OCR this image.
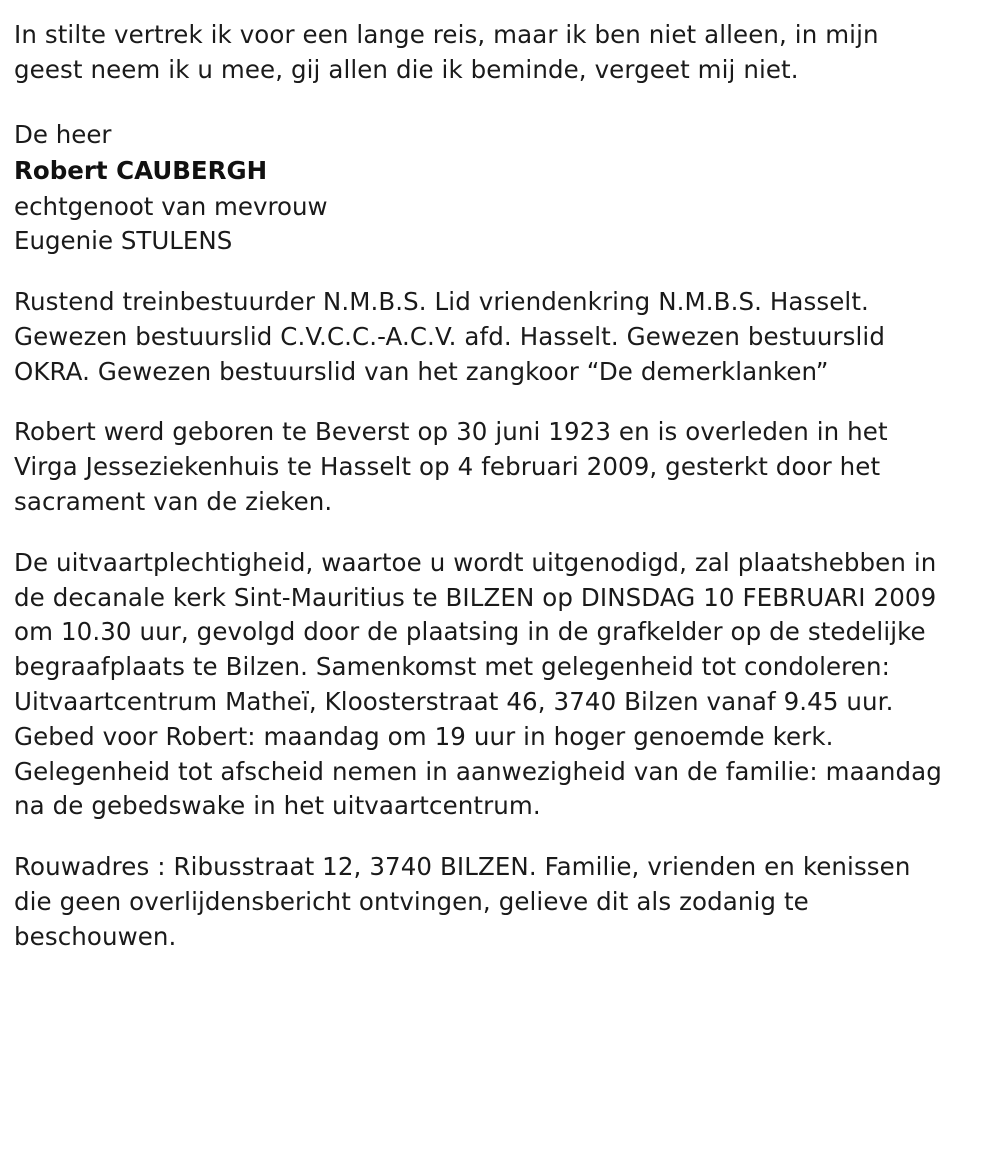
In stilte vertrek ik voor een lange reis, maar ik ben niet alleen, in mijn geest neem ik u mee, gij allen die ik beminde, vergeet mij niet.

De heer
Robert CAUBERGH
echtgenoot van mevrouw
Eugenie STULENS

Rustend treinbestuurder N.M.B.S. Lid vriendenkring N.M.B.S. Hasselt. Gewezen bestuurslid C.V.C.C.-A.C.V. afd. Hasselt. Gewezen bestuurslid OKRA. Gewezen bestuurslid van het zangkoor “De demerklanken”

Robert werd geboren te Beverst op 30 juni 1923 en is overleden in het Virga Jesseziekenhuis te Hasselt op 4 februari 2009, gesterkt door het sacrament van de zieken.

De uitvaartplechtigheid, waartoe u wordt uitgenodigd, zal plaatshebben in de decanale kerk Sint-Mauritius te BILZEN op DINSDAG 10 FEBRUARI 2009 om 10.30 uur, gevolgd door de plaatsing in de grafkelder op de stedelijke begraafplaats te Bilzen. Samenkomst met gelegenheid tot condoleren: Uitvaartcentrum Matheï, Kloosterstraat 46, 3740 Bilzen vanaf 9.45 uur. Gebed voor Robert: maandag om 19 uur in hoger genoemde kerk. Gelegenheid tot afscheid nemen in aanwezigheid van de familie: maandag na de gebedswake in het uitvaartcentrum.

Rouwadres : Ribusstraat 12, 3740 BILZEN. Familie, vrienden en kenissen die geen overlijdensbericht ontvingen, gelieve dit als zodanig te beschouwen.
